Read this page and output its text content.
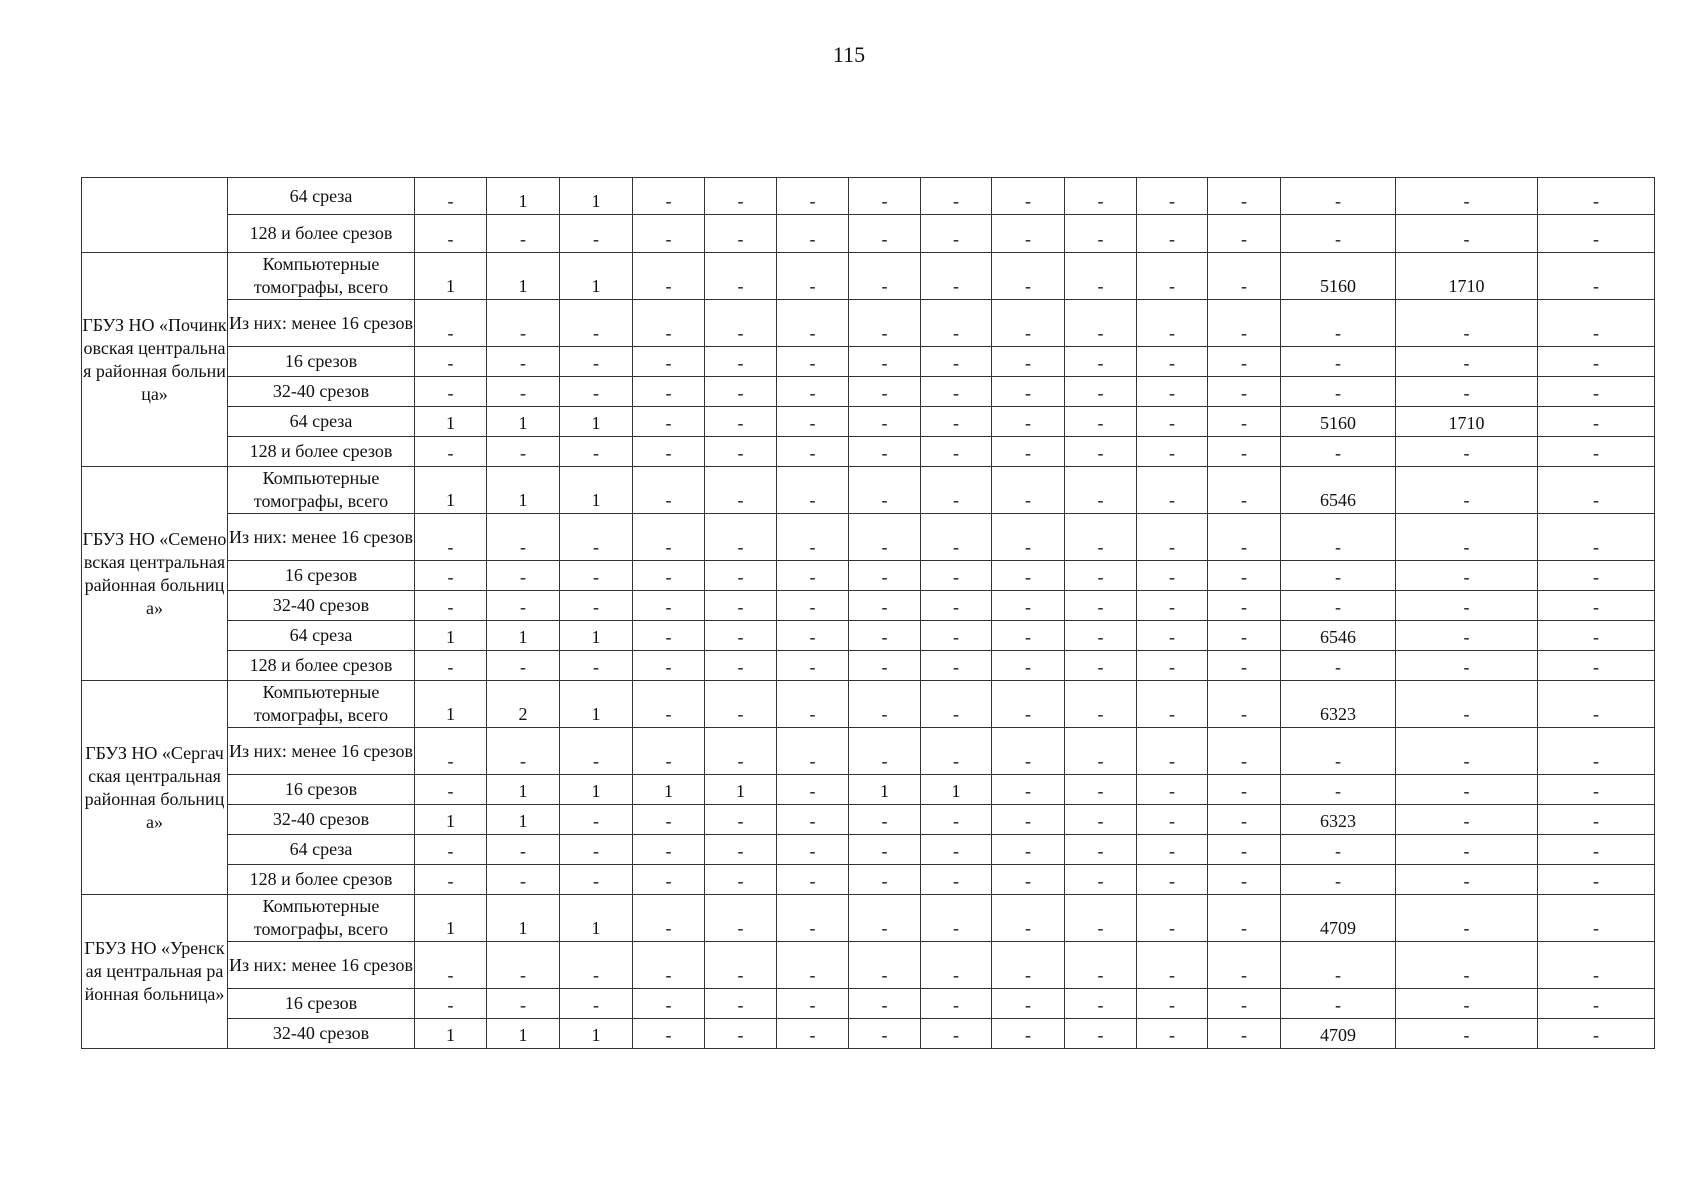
115
	64 среза	-	1	1	-	-	-	-	-	-	-	-	-	-	-	-
	128 и более срезов	-	-	-	-	-	-	-	-	-	-	-	-	-	-	-
ГБУЗ НО «Починковская центральная районная больница»	Компьютерные томографы, всего	1	1	1	-	-	-	-	-	-	-	-	-	5160	1710	-
	Из них: менее 16 срезов	-	-	-	-	-	-	-	-	-	-	-	-	-	-	-
	16 срезов	-	-	-	-	-	-	-	-	-	-	-	-	-	-	-
	32-40 срезов	-	-	-	-	-	-	-	-	-	-	-	-	-	-	-
	64 среза	1	1	1	-	-	-	-	-	-	-	-	-	5160	1710	-
	128 и более срезов	-	-	-	-	-	-	-	-	-	-	-	-	-	-	-
ГБУЗ НО «Семеновская центральная районная больница»	Компьютерные томографы, всего	1	1	1	-	-	-	-	-	-	-	-	-	6546	-	-
	Из них: менее 16 срезов	-	-	-	-	-	-	-	-	-	-	-	-	-	-	-
	16 срезов	-	-	-	-	-	-	-	-	-	-	-	-	-	-	-
	32-40 срезов	-	-	-	-	-	-	-	-	-	-	-	-	-	-	-
	64 среза	1	1	1	-	-	-	-	-	-	-	-	-	6546	-	-
	128 и более срезов	-	-	-	-	-	-	-	-	-	-	-	-	-	-	-
ГБУЗ НО «Сергачская центральная районная больница»	Компьютерные томографы, всего	1	2	1	-	-	-	-	-	-	-	-	-	6323	-	-
	Из них: менее 16 срезов	-	-	-	-	-	-	-	-	-	-	-	-	-	-	-
	16 срезов	-	1	1	1	1	-	1	1	-	-	-	-	-	-	-
	32-40 срезов	1	1	-	-	-	-	-	-	-	-	-	-	6323	-	-
	64 среза	-	-	-	-	-	-	-	-	-	-	-	-	-	-	-
	128 и более срезов	-	-	-	-	-	-	-	-	-	-	-	-	-	-	-
ГБУЗ НО «Уренская центральная районная больница»	Компьютерные томографы, всего	1	1	1	-	-	-	-	-	-	-	-	-	4709	-	-
	Из них: менее 16 срезов	-	-	-	-	-	-	-	-	-	-	-	-	-	-	-
	16 срезов	-	-	-	-	-	-	-	-	-	-	-	-	-	-	-
	32-40 срезов	1	1	1	-	-	-	-	-	-	-	-	-	4709	-	-
